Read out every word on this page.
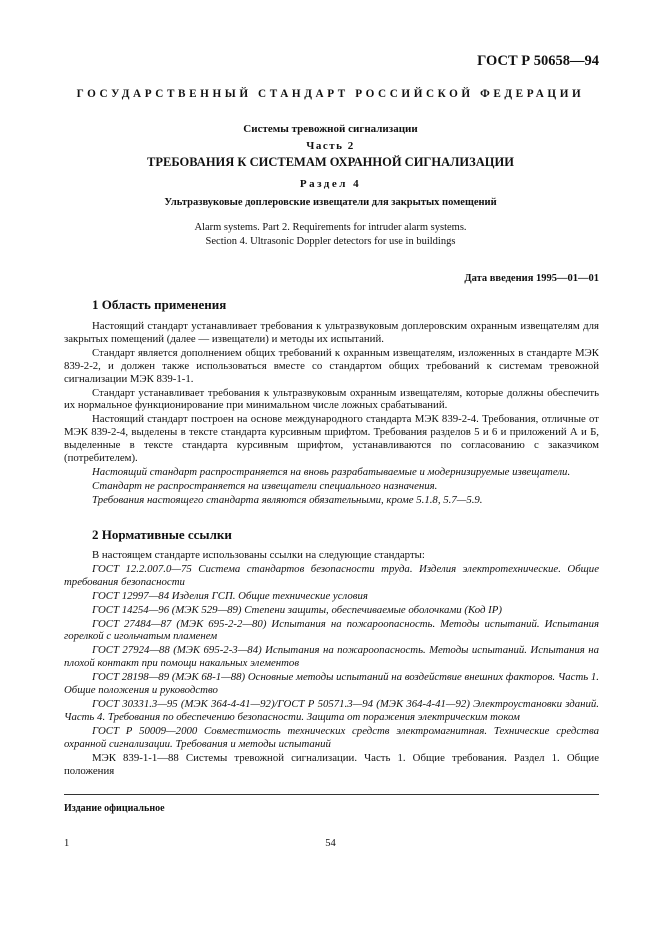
ГОСТ Р 50658—94
ГОСУДАРСТВЕННЫЙ СТАНДАРТ РОССИЙСКОЙ ФЕДЕРАЦИИ
Системы тревожной сигнализации
Часть 2
ТРЕБОВАНИЯ К СИСТЕМАМ ОХРАННОЙ СИГНАЛИЗАЦИИ
Раздел 4
Ультразвуковые доплеровские извещатели для закрытых помещений
Alarm systems. Part 2. Requirements for intruder alarm systems.
Section 4. Ultrasonic Doppler detectors for use in buildings
Дата введения 1995—01—01
1 Область применения

Настоящий стандарт устанавливает требования к ультразвуковым доплеровским охранным извещателям для закрытых помещений (далее — извещатели) и методы их испытаний.

Стандарт является дополнением общих требований к охранным извещателям, изложенных в стандарте МЭК 839-2-2, и должен также использоваться вместе со стандартом общих требований к системам тревожной сигнализации МЭК 839-1-1.

Стандарт устанавливает требования к ультразвуковым охранным извещателям, которые должны обеспечить их нормальное функционирование при минимальном числе ложных срабатываний.

Настоящий стандарт построен на основе международного стандарта МЭК 839-2-4. Требования, отличные от МЭК 839-2-4, выделены в тексте стандарта курсивным шрифтом. Требования разделов 5 и 6 и приложений А и Б, выделенные в тексте стандарта курсивным шрифтом, устанавливаются по согласованию с заказчиком (потребителем).

Настоящий стандарт распространяется на вновь разрабатываемые и модернизируемые извещатели.

Стандарт не распространяется на извещатели специального назначения.

Требования настоящего стандарта являются обязательными, кроме 5.1.8, 5.7—5.9.

2 Нормативные ссылки

В настоящем стандарте использованы ссылки на следующие стандарты:

ГОСТ 12.2.007.0—75 Система стандартов безопасности труда. Изделия электротехнические. Общие требования безопасности

ГОСТ 12997—84 Изделия ГСП. Общие технические условия

ГОСТ 14254—96 (МЭК 529—89) Степени защиты, обеспечиваемые оболочками (Код IP)

ГОСТ 27484—87 (МЭК 695-2-2—80) Испытания на пожароопасность. Методы испытаний. Испытания горелкой с игольчатым пламенем

ГОСТ 27924—88 (МЭК 695-2-3—84) Испытания на пожароопасность. Методы испытаний. Испытания на плохой контакт при помощи накальных элементов

ГОСТ 28198—89 (МЭК 68-1—88) Основные методы испытаний на воздействие внешних факторов. Часть 1. Общие положения и руководство

ГОСТ 30331.3—95 (МЭК 364-4-41—92)/ГОСТ Р 50571.3—94 (МЭК 364-4-41—92) Электроустановки зданий. Часть 4. Требования по обеспечению безопасности. Защита от поражения электрическим током

ГОСТ Р 50009—2000 Совместимость технических средств электромагнитная. Технические средства охранной сигнализации. Требования и методы испытаний

МЭК 839-1-1—88 Системы тревожной сигнализации. Часть 1. Общие требования. Раздел 1. Общие положения

Издание официальное
1	54
